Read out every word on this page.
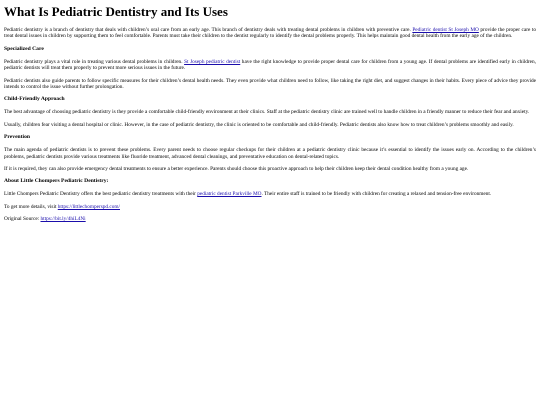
What Is Pediatric Dentistry and Its Uses

Pediatric dentistry is a branch of dentistry that deals with children’s oral care from an early age. This branch of dentistry deals with treating dental problems in children with preventive care. Pediatric dentist St Joseph MO provide the proper care to treat dental issues in children by supporting them to feel comfortable. Parents must take their children to the dentist regularly to identify the dental problems properly. This helps maintain good dental health from the early age of the children.

Specialized Care

Pediatric dentistry plays a vital role in treating various dental problems in children. St Joseph pediatric dentist have the right knowledge to provide proper dental care for children from a young age. If dental problems are identified early in children, pediatric dentists will treat them properly to prevent more serious issues in the future.

Pediatric dentists also guide parents to follow specific measures for their children’s dental health needs. They even provide what children need to follow, like taking the right diet, and suggest changes in their habits. Every piece of advice they provide intends to control the issue without further prolongation.

Child-Friendly Approach

The best advantage of choosing pediatric dentistry is they provide a comfortable child-friendly environment at their clinics. Staff at the pediatric dentistry clinic are trained well to handle children in a friendly manner to reduce their fear and anxiety.

Usually, children fear visiting a dental hospital or clinic. However, in the case of pediatric dentistry, the clinic is oriented to be comfortable and child-friendly. Pediatric dentists also know how to treat children’s problems smoothly and easily.

Prevention

The main agenda of pediatric dentists is to prevent these problems. Every parent needs to choose regular checkups for their children at a pediatric dentistry clinic because it’s essential to identify the issues early on. According to the children’s problems, pediatric dentists provide various treatments like fluoride treatment, advanced dental cleanings, and preventative education on dental-related topics.

If it is required, they can also provide emergency dental treatments to ensure a better experience. Parents should choose this proactive approach to help their children keep their dental condition healthy from a young age.

About Little Chompers Pediatric Dentistry:

Little Chompers Pediatric Dentistry offers the best pediatric dentistry treatments with their pediatric dentist Parkville MO. Their entire staff is trained to be friendly with children for creating a relaxed and tension-free environment.

To get more details, visit https://littlechomperspd.com/

Original Source: https://bit.ly/4hiL4Ni
